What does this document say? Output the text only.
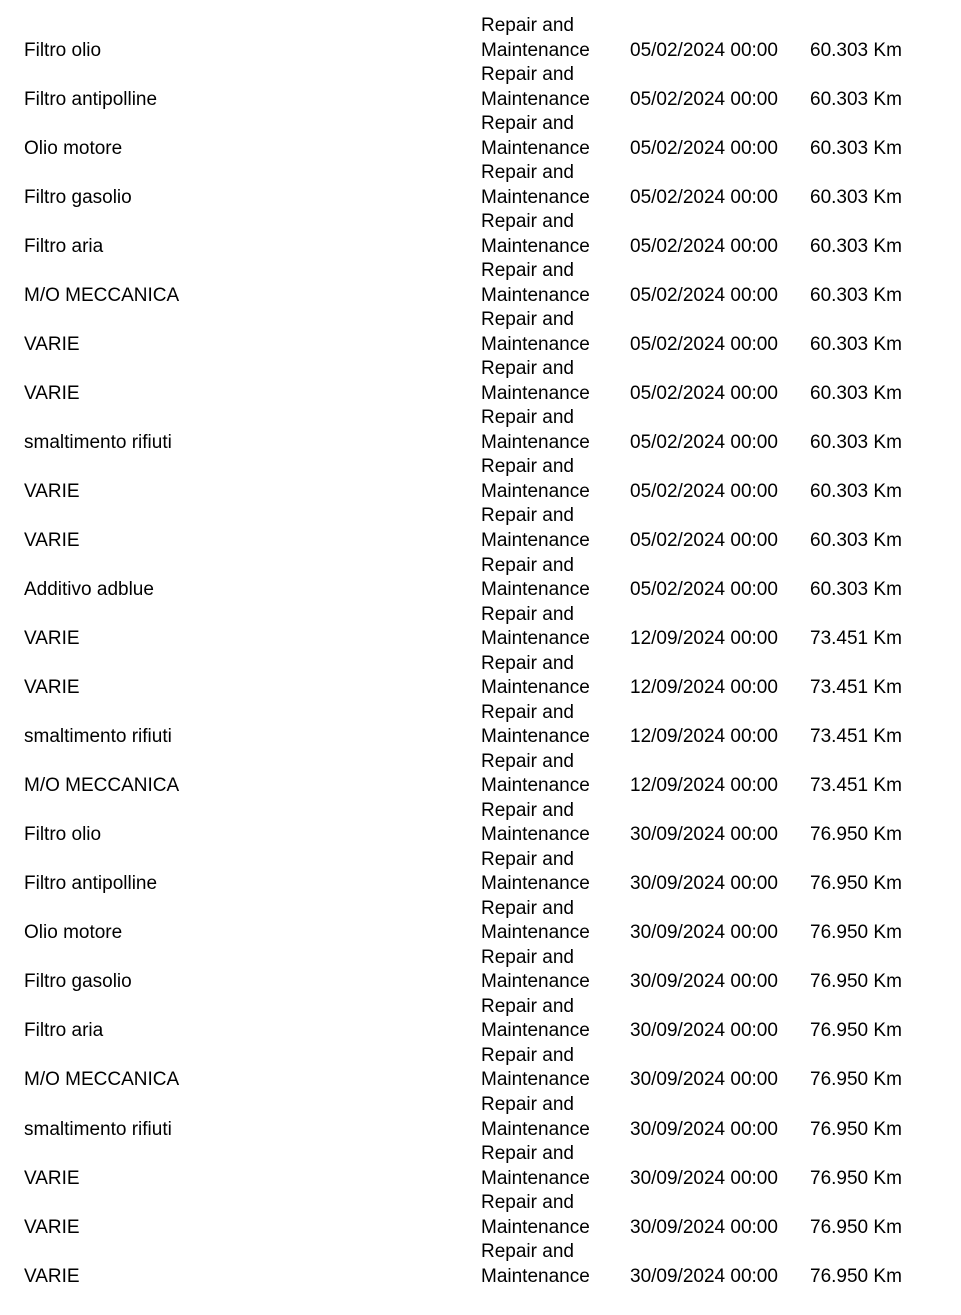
Filtro olio
Repair and
Maintenance 05/02/2024 00:00 60.303 Km
Filtro antipolline
Repair and
Maintenance 05/02/2024 00:00 60.303 Km
Olio motore
Repair and
Maintenance 05/02/2024 00:00 60.303 Km
Filtro gasolio
Repair and
Maintenance 05/02/2024 00:00 60.303 Km
Filtro aria
Repair and
Maintenance 05/02/2024 00:00 60.303 Km
M/O MECCANICA
Repair and
Maintenance 05/02/2024 00:00 60.303 Km
VARIE
Repair and
Maintenance 05/02/2024 00:00 60.303 Km
VARIE
Repair and
Maintenance 05/02/2024 00:00 60.303 Km
smaltimento rifiuti
Repair and
Maintenance 05/02/2024 00:00 60.303 Km
VARIE
Repair and
Maintenance 05/02/2024 00:00 60.303 Km
VARIE
Repair and
Maintenance 05/02/2024 00:00 60.303 Km
Additivo adblue
Repair and
Maintenance 05/02/2024 00:00 60.303 Km
VARIE
Repair and
Maintenance 12/09/2024 00:00 73.451 Km
VARIE
Repair and
Maintenance 12/09/2024 00:00 73.451 Km
smaltimento rifiuti
Repair and
Maintenance 12/09/2024 00:00 73.451 Km
M/O MECCANICA
Repair and
Maintenance 12/09/2024 00:00 73.451 Km
Filtro olio
Repair and
Maintenance 30/09/2024 00:00 76.950 Km
Filtro antipolline
Repair and
Maintenance 30/09/2024 00:00 76.950 Km
Olio motore
Repair and
Maintenance 30/09/2024 00:00 76.950 Km
Filtro gasolio
Repair and
Maintenance 30/09/2024 00:00 76.950 Km
Filtro aria
Repair and
Maintenance 30/09/2024 00:00 76.950 Km
M/O MECCANICA
Repair and
Maintenance 30/09/2024 00:00 76.950 Km
smaltimento rifiuti
Repair and
Maintenance 30/09/2024 00:00 76.950 Km
VARIE
Repair and
Maintenance 30/09/2024 00:00 76.950 Km
VARIE
Repair and
Maintenance 30/09/2024 00:00 76.950 Km
VARIE
Repair and
Maintenance 30/09/2024 00:00 76.950 Km
